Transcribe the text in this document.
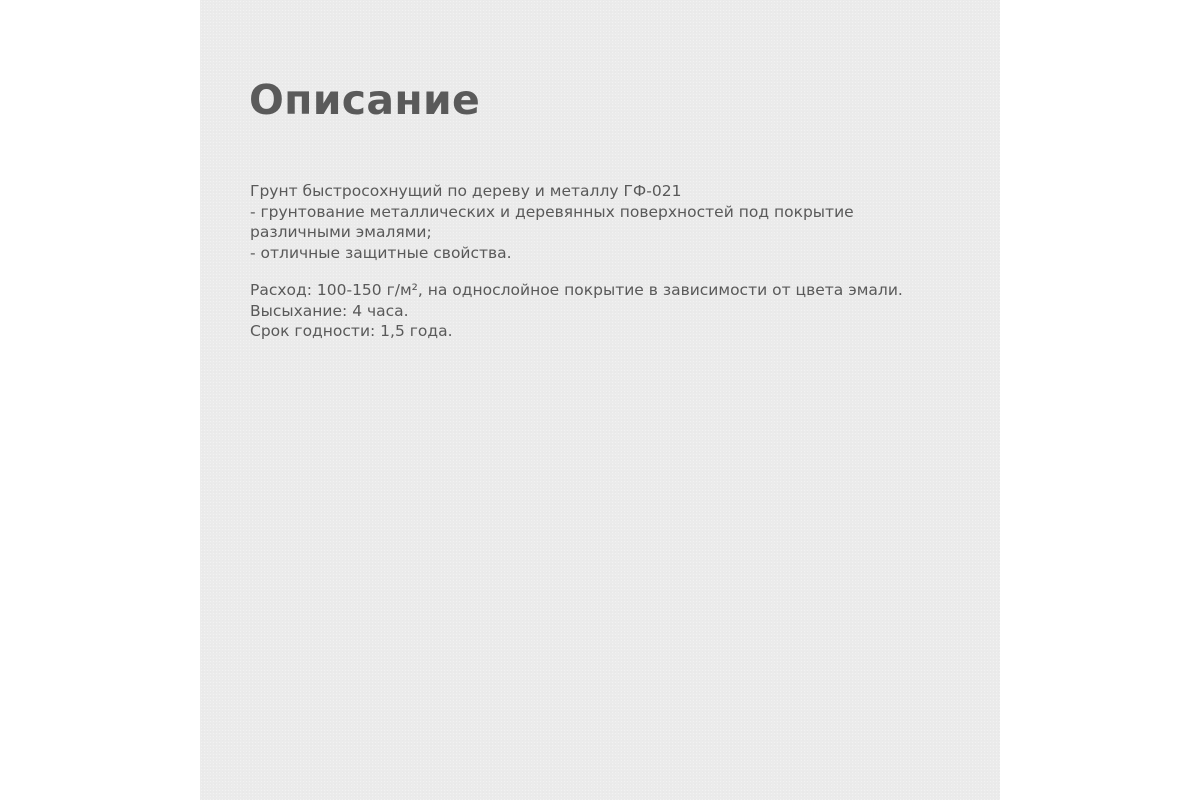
Описание

Грунт быстросохнущий по дереву и металлу ГФ-021

- грунтование металлических и деревянных поверхностей под покрытие

различными эмалями;

- отличные защитные свойства.

Расход: 100-150 г/м², на однослойное покрытие в зависимости от цвета эмали.

Высыхание: 4 часа.

Срок годности: 1,5 года.
